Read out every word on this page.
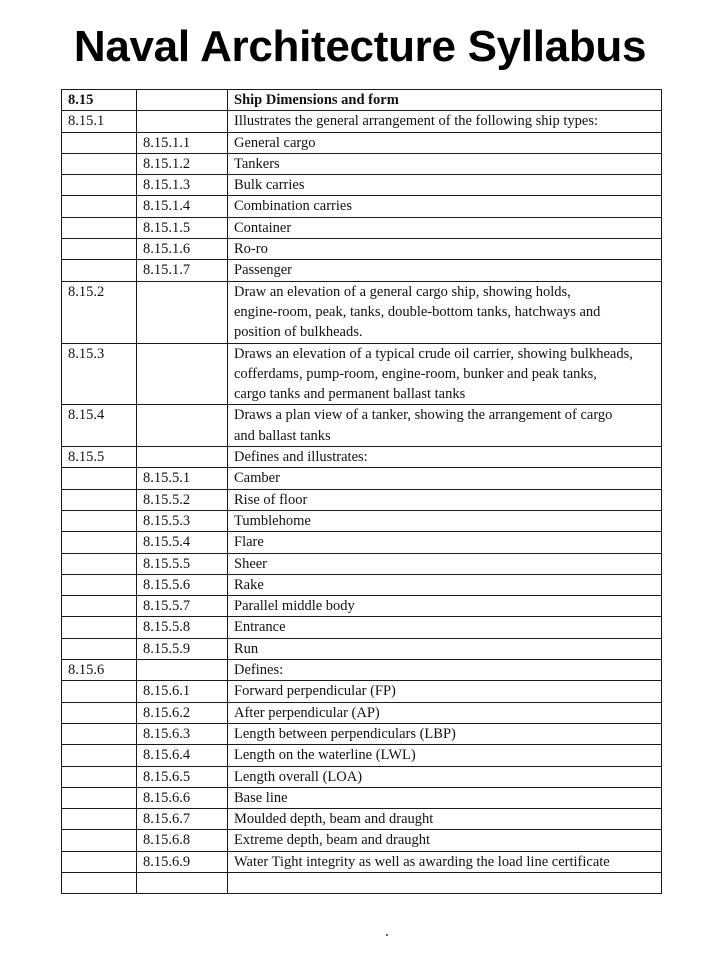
Naval Architecture Syllabus
8.15		Ship Dimensions and form
8.15.1		Illustrates the general arrangement of the following ship types:
	8.15.1.1	General cargo
	8.15.1.2	Tankers
	8.15.1.3	Bulk carries
	8.15.1.4	Combination carries
	8.15.1.5	Container
	8.15.1.6	Ro-ro
	8.15.1.7	Passenger
8.15.2		Draw an elevation of a general cargo ship, showing holds,
engine-room, peak, tanks, double-bottom tanks, hatchways and
position of bulkheads.

8.15.3		Draws an elevation of a typical crude oil carrier, showing bulkheads,
cofferdams, pump-room, engine-room, bunker and peak tanks,
cargo tanks and permanent ballast tanks

8.15.4		Draws a plan view of a tanker, showing the arrangement of cargo
and ballast tanks

8.15.5		Defines and illustrates:
	8.15.5.1	Camber
	8.15.5.2	Rise of floor
	8.15.5.3	Tumblehome
	8.15.5.4	Flare
	8.15.5.5	Sheer
	8.15.5.6	Rake
	8.15.5.7	Parallel middle body
	8.15.5.8	Entrance
	8.15.5.9	Run
8.15.6		Defines:
	8.15.6.1	Forward perpendicular (FP)
	8.15.6.2	After perpendicular (AP)
	8.15.6.3	Length between perpendiculars (LBP)
	8.15.6.4	Length on the waterline (LWL)
	8.15.6.5	Length overall (LOA)
	8.15.6.6	Base line
	8.15.6.7	Moulded depth, beam and draught
	8.15.6.8	Extreme depth, beam and draught
	8.15.6.9	Water Tight integrity as well as awarding the load line certificate
